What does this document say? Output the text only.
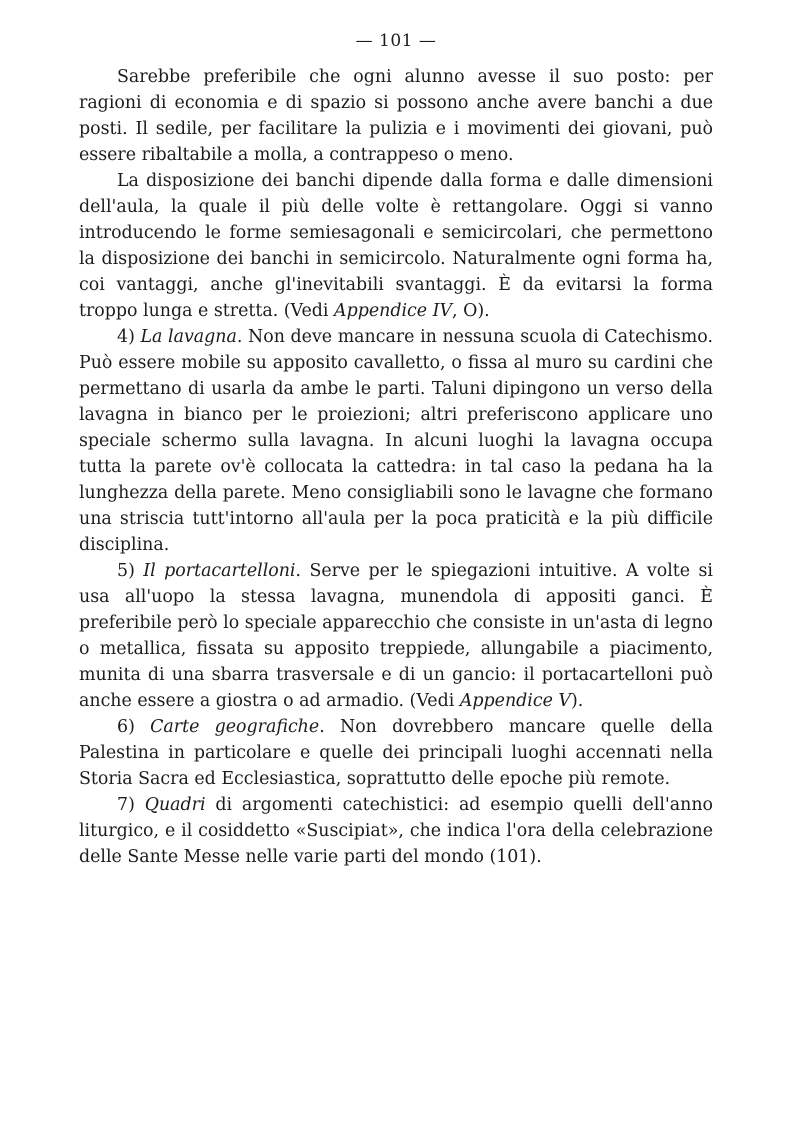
— 101 —

Sarebbe preferibile che ogni alunno avesse il suo posto: per ragioni di economia e di spazio si possono anche avere banchi a due posti. Il sedile, per facilitare la pulizia e i movimenti dei giovani, può essere ribaltabile a molla, a contrappeso o meno.

La disposizione dei banchi dipende dalla forma e dalle dimensioni dell'aula, la quale il più delle volte è rettangolare. Oggi si vanno introducendo le forme semiesagonali e semicircolari, che permettono la disposizione dei banchi in semicircolo. Naturalmente ogni forma ha, coi vantaggi, anche gl'inevitabili svantaggi. È da evitarsi la forma troppo lunga e stretta. (Vedi Appendice IV, O).

4) La lavagna. Non deve mancare in nessuna scuola di Catechismo. Può essere mobile su apposito cavalletto, o fissa al muro su cardini che permettano di usarla da ambe le parti. Taluni dipingono un verso della lavagna in bianco per le proiezioni; altri preferiscono applicare uno speciale schermo sulla lavagna. In alcuni luoghi la lavagna occupa tutta la parete ov'è collocata la cattedra: in tal caso la pedana ha la lunghezza della parete. Meno consigliabili sono le lavagne che formano una striscia tutt'intorno all'aula per la poca praticità e la più difficile disciplina.

5) Il portacartelloni. Serve per le spiegazioni intuitive. A volte si usa all'uopo la stessa lavagna, munendola di appositi ganci. È preferibile però lo speciale apparecchio che consiste in un'asta di legno o metallica, fissata su apposito treppiede, allungabile a piacimento, munita di una sbarra trasversale e di un gancio: il portacartelloni può anche essere a giostra o ad armadio. (Vedi Appendice V).

6) Carte geografiche. Non dovrebbero mancare quelle della Palestina in particolare e quelle dei principali luoghi accennati nella Storia Sacra ed Ecclesiastica, soprattutto delle epoche più remote.

7) Quadri di argomenti catechistici: ad esempio quelli dell'anno liturgico, e il cosiddetto «Suscipiat», che indica l'ora della celebrazione delle Sante Messe nelle varie parti del mondo (101).
